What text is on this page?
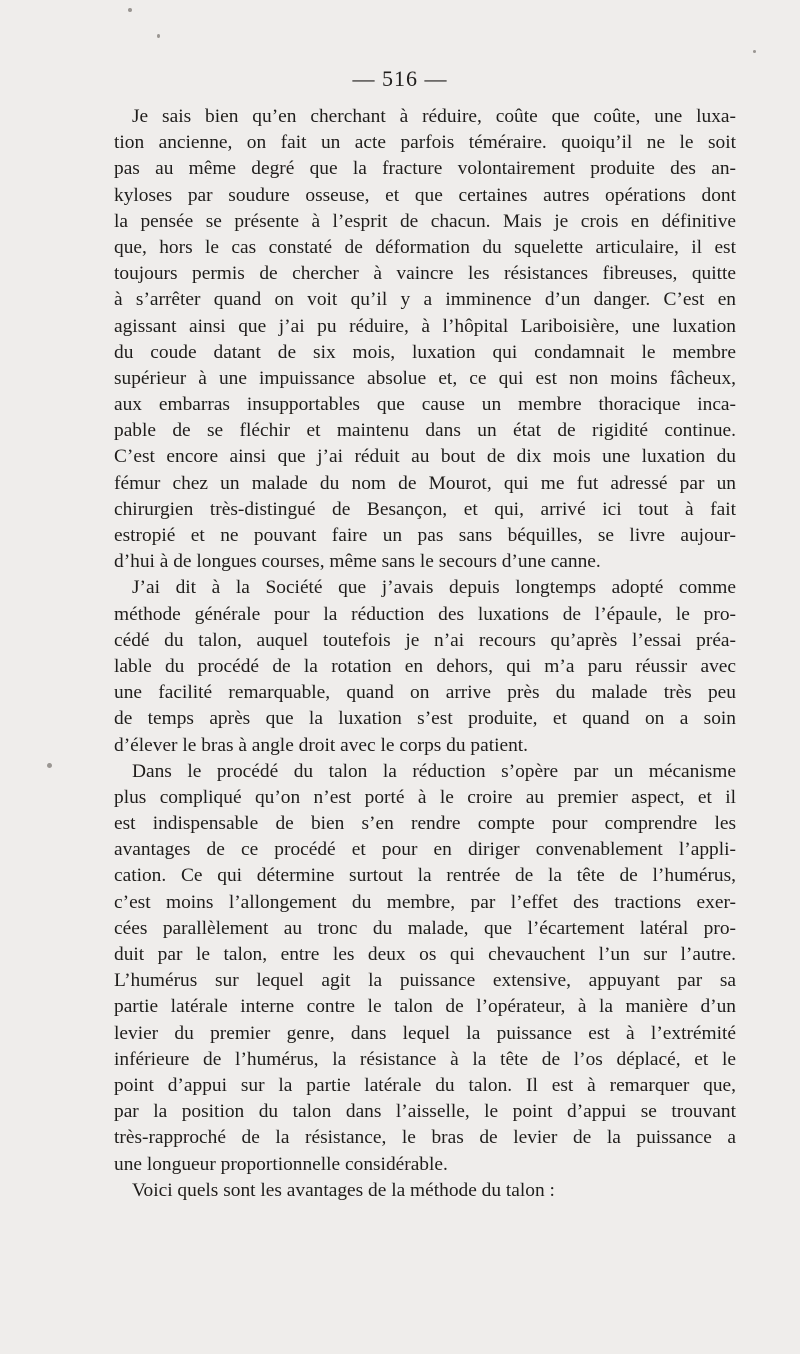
— 516 —
Je sais bien qu’en cherchant à réduire, coûte que coûte, une luxa-
tion ancienne, on fait un acte parfois téméraire. quoiqu’il ne le soit
pas au même degré que la fracture volontairement produite des an-
kyloses par soudure osseuse, et que certaines autres opérations dont
la pensée se présente à l’esprit de chacun. Mais je crois en définitive
que, hors le cas constaté de déformation du squelette articulaire, il est
toujours permis de chercher à vaincre les résistances fibreuses, quitte
à s’arrêter quand on voit qu’il y a imminence d’un danger. C’est en
agissant ainsi que j’ai pu réduire, à l’hôpital Lariboisière, une luxation
du coude datant de six mois, luxation qui condamnait le membre
supérieur à une impuissance absolue et, ce qui est non moins fâcheux,
aux embarras insupportables que cause un membre thoracique inca-
pable de se fléchir et maintenu dans un état de rigidité continue.
C’est encore ainsi que j’ai réduit au bout de dix mois une luxation du
fémur chez un malade du nom de Mourot, qui me fut adressé par un
chirurgien très-distingué de Besançon, et qui, arrivé ici tout à fait
estropié et ne pouvant faire un pas sans béquilles, se livre aujour-
d’hui à de longues courses, même sans le secours d’une canne.
J’ai dit à la Société que j’avais depuis longtemps adopté comme
méthode générale pour la réduction des luxations de l’épaule, le pro-
cédé du talon, auquel toutefois je n’ai recours qu’après l’essai préa-
lable du procédé de la rotation en dehors, qui m’a paru réussir avec
une facilité remarquable, quand on arrive près du malade très peu
de temps après que la luxation s’est produite, et quand on a soin
d’élever le bras à angle droit avec le corps du patient.
Dans le procédé du talon la réduction s’opère par un mécanisme
plus compliqué qu’on n’est porté à le croire au premier aspect, et il
est indispensable de bien s’en rendre compte pour comprendre les
avantages de ce procédé et pour en diriger convenablement l’appli-
cation. Ce qui détermine surtout la rentrée de la tête de l’humérus,
c’est moins l’allongement du membre, par l’effet des tractions exer-
cées parallèlement au tronc du malade, que l’écartement latéral pro-
duit par le talon, entre les deux os qui chevauchent l’un sur l’autre.
L’humérus sur lequel agit la puissance extensive, appuyant par sa
partie latérale interne contre le talon de l’opérateur, à la manière d’un
levier du premier genre, dans lequel la puissance est à l’extrémité
inférieure de l’humérus, la résistance à la tête de l’os déplacé, et le
point d’appui sur la partie latérale du talon. Il est à remarquer que,
par la position du talon dans l’aisselle, le point d’appui se trouvant
très-rapproché de la résistance, le bras de levier de la puissance a
une longueur proportionnelle considérable.
Voici quels sont les avantages de la méthode du talon :
